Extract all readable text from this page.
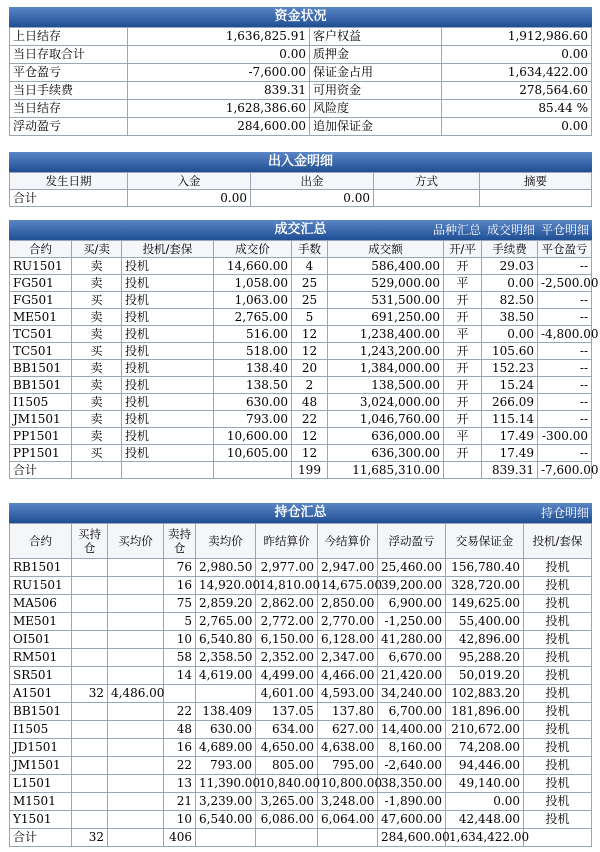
资金状况
上日结存	1,636,825.91	客户权益	1,912,986.60
当日存取合计	0.00	质押金	0.00
平仓盈亏	-7,600.00	保证金占用	1,634,422.00
当日手续费	839.31	可用资金	278,564.60
当日结存	1,628,386.60	风险度	85.44 %
浮动盈亏	284,600.00	追加保证金	0.00
出入金明细
发生日期	入金	出金	方式	摘要
合计	0.00	0.00		
成交汇总	品种汇总 成交明细 平仓明细
合约	买/卖	投机/套保	成交价	手数	成交额	开/平	手续费	平仓盈亏
RU1501	卖	投机	14,660.00	4	586,400.00	开	29.03	--
FG501	卖	投机	1,058.00	25	529,000.00	平	0.00	-2,500.00
FG501	买	投机	1,063.00	25	531,500.00	开	82.50	--
ME501	卖	投机	2,765.00	5	691,250.00	开	38.50	--
TC501	卖	投机	516.00	12	1,238,400.00	平	0.00	-4,800.00
TC501	买	投机	518.00	12	1,243,200.00	开	105.60	--
BB1501	卖	投机	138.40	20	1,384,000.00	开	152.23	--
BB1501	卖	投机	138.50	2	138,500.00	开	15.24	--
I1505	卖	投机	630.00	48	3,024,000.00	开	266.09	--
JM1501	卖	投机	793.00	22	1,046,760.00	开	115.14	--
PP1501	卖	投机	10,600.00	12	636,000.00	平	17.49	-300.00
PP1501	买	投机	10,605.00	12	636,300.00	开	17.49	--
合计				199	11,685,310.00		839.31	-7,600.00
持仓汇总	持仓明细
合约	买持仓	买均价	卖持仓	卖均价	昨结算价	今结算价	浮动盈亏	交易保证金	投机/套保
RB1501			76	2,980.50	2,977.00	2,947.00	25,460.00	156,780.40	投机
RU1501			16	14,920.00	14,810.00	14,675.00	39,200.00	328,720.00	投机
MA506			75	2,859.20	2,862.00	2,850.00	6,900.00	149,625.00	投机
ME501			5	2,765.00	2,772.00	2,770.00	-1,250.00	55,400.00	投机
OI501			10	6,540.80	6,150.00	6,128.00	41,280.00	42,896.00	投机
RM501			58	2,358.50	2,352.00	2,347.00	6,670.00	95,288.20	投机
SR501			14	4,619.00	4,499.00	4,466.00	21,420.00	50,019.20	投机
A1501	32	4,486.00			4,601.00	4,593.00	34,240.00	102,883.20	投机
BB1501			22	138.409	137.05	137.80	6,700.00	181,896.00	投机
I1505			48	630.00	634.00	627.00	14,400.00	210,672.00	投机
JD1501			16	4,689.00	4,650.00	4,638.00	8,160.00	74,208.00	投机
JM1501			22	793.00	805.00	795.00	-2,640.00	94,446.00	投机
L1501			13	11,390.00	10,840.00	10,800.00	38,350.00	49,140.00	投机
M1501			21	3,239.00	3,265.00	3,248.00	-1,890.00	0.00	投机
Y1501			10	6,540.00	6,086.00	6,064.00	47,600.00	42,448.00	投机
合计	32		406				284,600.00	1,634,422.00	
